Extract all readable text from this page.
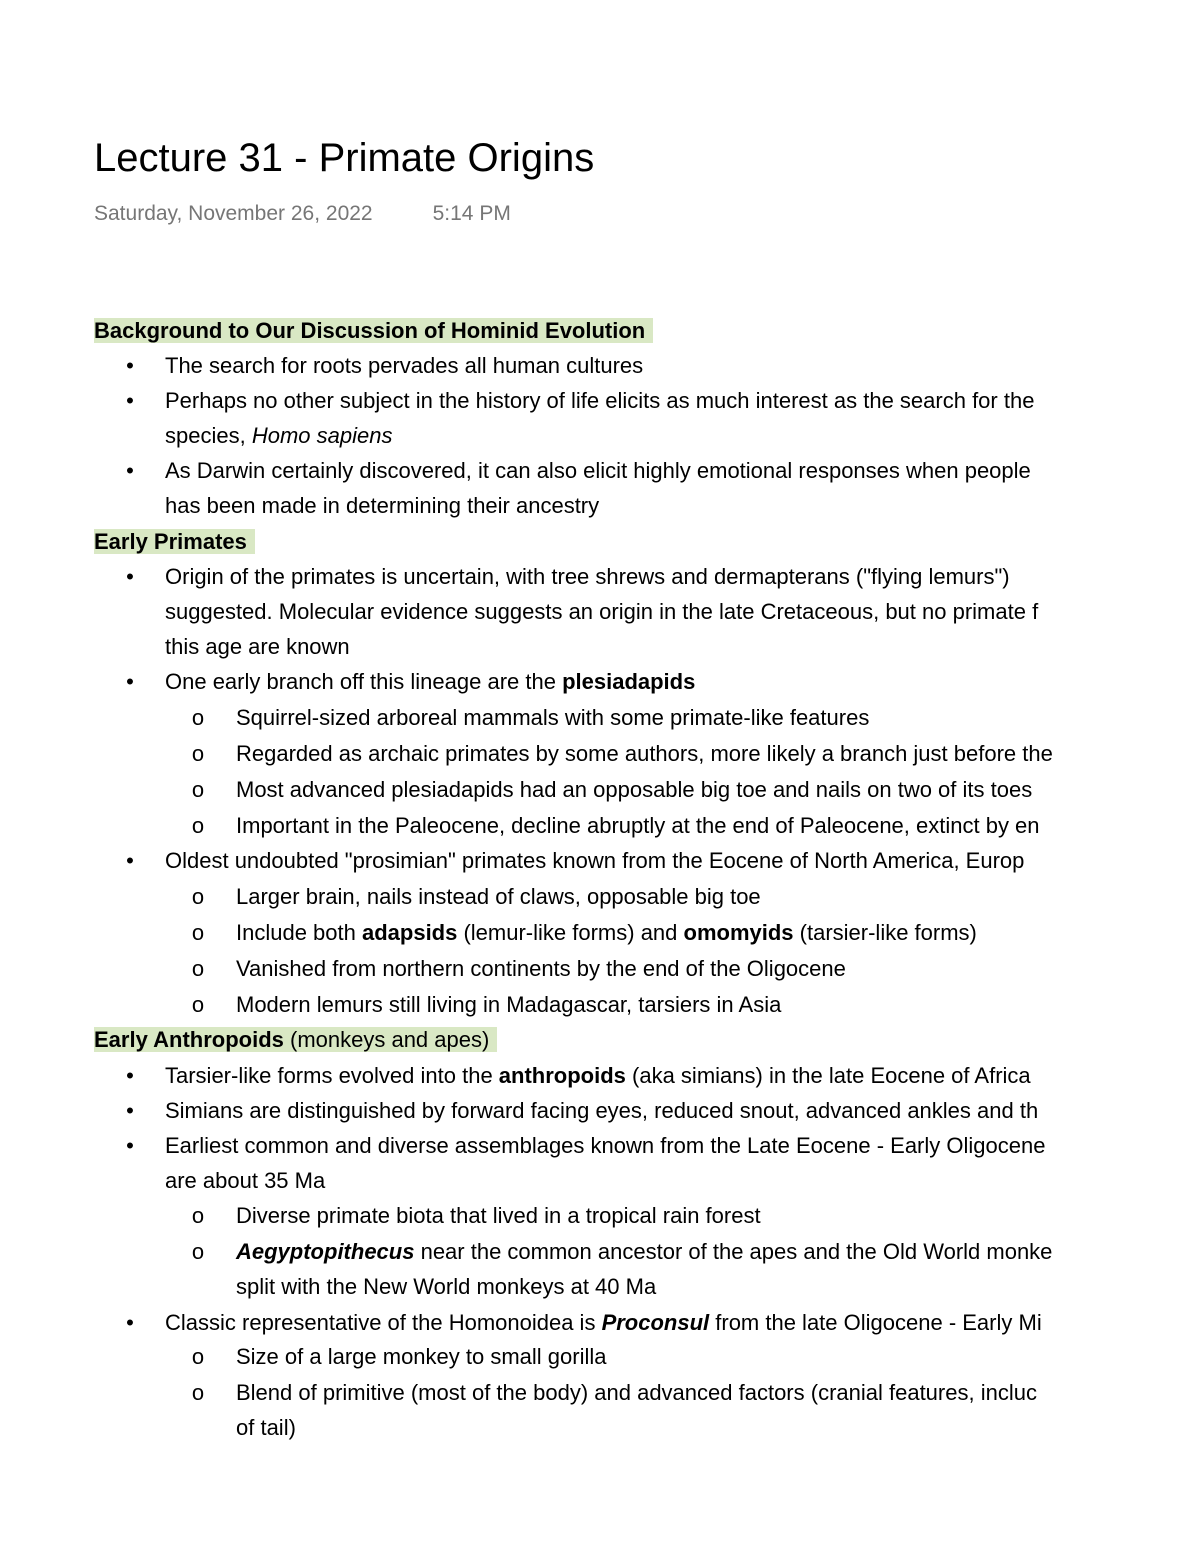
Lecture 31 - Primate Origins
Saturday, November 26, 2022	5:14 PM
Background to Our Discussion of Hominid Evolution
•	The search for roots pervades all human cultures
•	Perhaps no other subject in the history of life elicits as much interest as the search for the
species, Homo sapiens
•	As Darwin certainly discovered, it can also elicit highly emotional responses when people
has been made in determining their ancestry
Early Primates
•	Origin of the primates is uncertain, with tree shrews and dermapterans ("flying lemurs")
suggested. Molecular evidence suggests an origin in the late Cretaceous, but no primate f
this age are known
•	One early branch off this lineage are the plesiadapids
o Squirrel-sized arboreal mammals with some primate-like features
o Regarded as archaic primates by some authors, more likely a branch just before the
o Most advanced plesiadapids had an opposable big toe and nails on two of its toes
o Important in the Paleocene, decline abruptly at the end of Paleocene, extinct by en
•	Oldest undoubted "prosimian" primates known from the Eocene of North America, Europ
o Larger brain, nails instead of claws, opposable big toe
o Include both adapsids (lemur-like forms) and omomyids (tarsier-like forms)
o Vanished from northern continents by the end of the Oligocene
o Modern lemurs still living in Madagascar, tarsiers in Asia
Early Anthropoids (monkeys and apes)
•	Tarsier-like forms evolved into the anthropoids (aka simians) in the late Eocene of Africa
•	Simians are distinguished by forward facing eyes, reduced snout, advanced ankles and th
•	Earliest common and diverse assemblages known from the Late Eocene - Early Oligocene
are about 35 Ma
o Diverse primate biota that lived in a tropical rain forest
o Aegyptopithecus near the common ancestor of the apes and the Old World monke
split with the New World monkeys at 40 Ma
•	Classic representative of the Homonoidea is Proconsul from the late Oligocene - Early Mi
o Size of a large monkey to small gorilla
o Blend of primitive (most of the body) and advanced factors (cranial features, incluc
of tail)
